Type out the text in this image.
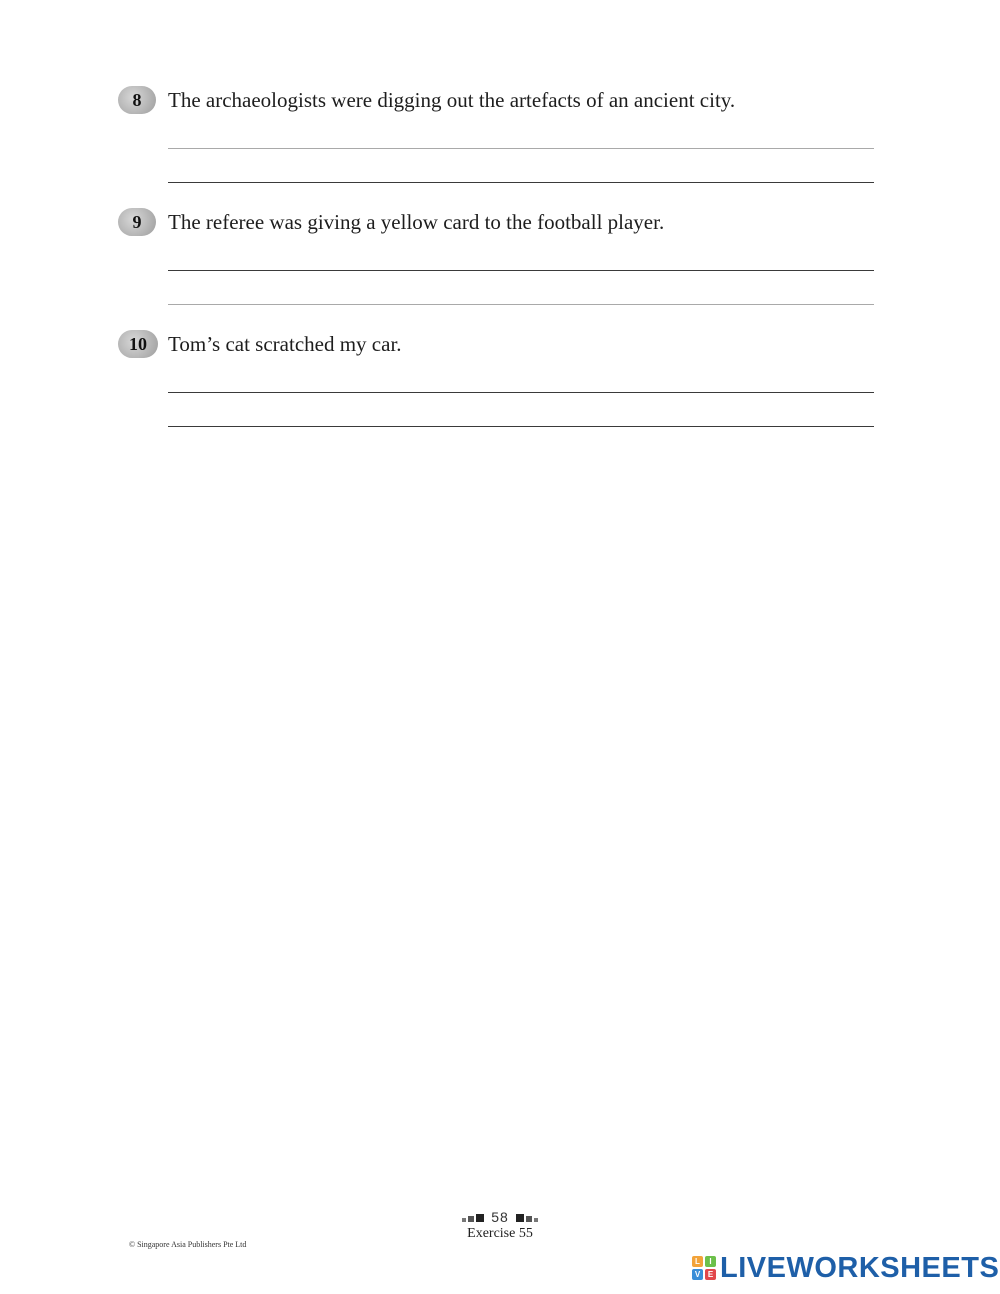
8 The archaeologists were digging out the artefacts of an ancient city.
9 The referee was giving a yellow card to the football player.
10 Tom’s cat scratched my car.
58
Exercise 55
© Singapore Asia Publishers Pte Ltd
L	I
V E LIVEWORKSHEETS
